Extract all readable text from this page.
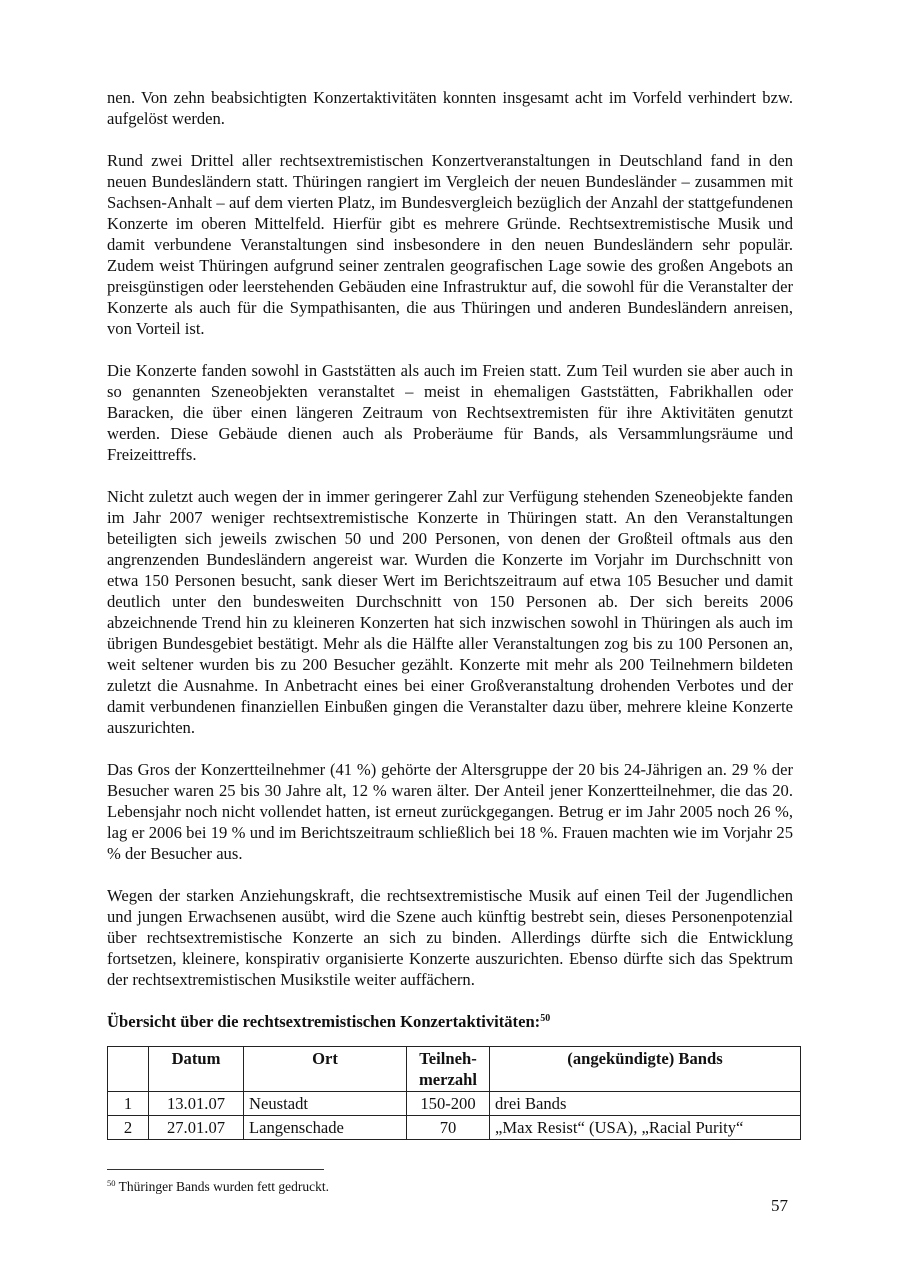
nen. Von zehn beabsichtigten Konzertaktivitäten konnten insgesamt acht im Vorfeld verhindert bzw. aufgelöst werden.

Rund zwei Drittel aller rechtsextremistischen Konzertveranstaltungen in Deutschland fand in den neuen Bundesländern statt. Thüringen rangiert im Vergleich der neuen Bundesländer – zusammen mit Sachsen-Anhalt – auf dem vierten Platz, im Bundesvergleich bezüglich der Anzahl der stattgefundenen Konzerte im oberen Mittelfeld. Hierfür gibt es mehrere Gründe. Rechtsextremistische Musik und damit verbundene Veranstaltungen sind insbesondere in den neuen Bundesländern sehr populär. Zudem weist Thüringen aufgrund seiner zentralen geografischen Lage sowie des großen Angebots an preisgünstigen oder leerstehenden Gebäuden eine Infrastruktur auf, die sowohl für die Veranstalter der Konzerte als auch für die Sympathisanten, die aus Thüringen und anderen Bundesländern anreisen, von Vorteil ist.

Die Konzerte fanden sowohl in Gaststätten als auch im Freien statt. Zum Teil wurden sie aber auch in so genannten Szeneobjekten veranstaltet – meist in ehemaligen Gaststätten, Fabrikhallen oder Baracken, die über einen längeren Zeitraum von Rechtsextremisten für ihre Aktivitäten genutzt werden. Diese Gebäude dienen auch als Proberäume für Bands, als Versammlungsräume und Freizeittreffs.

Nicht zuletzt auch wegen der in immer geringerer Zahl zur Verfügung stehenden Szeneobjekte fanden im Jahr 2007 weniger rechtsextremistische Konzerte in Thüringen statt. An den Veranstaltungen beteiligten sich jeweils zwischen 50 und 200 Personen, von denen der Großteil oftmals aus den angrenzenden Bundesländern angereist war. Wurden die Konzerte im Vorjahr im Durchschnitt von etwa 150 Personen besucht, sank dieser Wert im Berichtszeitraum auf etwa 105 Besucher und damit deutlich unter den bundesweiten Durchschnitt von 150 Personen ab. Der sich bereits 2006 abzeichnende Trend hin zu kleineren Konzerten hat sich inzwischen sowohl in Thüringen als auch im übrigen Bundesgebiet bestätigt. Mehr als die Hälfte aller Veranstaltungen zog bis zu 100 Personen an, weit seltener wurden bis zu 200 Besucher gezählt. Konzerte mit mehr als 200 Teilnehmern bildeten zuletzt die Ausnahme. In Anbetracht eines bei einer Großveranstaltung drohenden Verbotes und der damit verbundenen finanziellen Einbußen gingen die Veranstalter dazu über, mehrere kleine Konzerte auszurichten.

Das Gros der Konzertteilnehmer (41 %) gehörte der Altersgruppe der 20 bis 24-Jährigen an. 29 % der Besucher waren 25 bis 30 Jahre alt, 12 % waren älter. Der Anteil jener Konzertteilnehmer, die das 20. Lebensjahr noch nicht vollendet hatten, ist erneut zurückgegangen. Betrug er im Jahr 2005 noch 26 %, lag er 2006 bei 19 % und im Berichtszeitraum schließlich bei 18 %. Frauen machten wie im Vorjahr 25 % der Besucher aus.

Wegen der starken Anziehungskraft, die rechtsextremistische Musik auf einen Teil der Jugendlichen und jungen Erwachsenen ausübt, wird die Szene auch künftig bestrebt sein, dieses Personenpotenzial über rechtsextremistische Konzerte an sich zu binden. Allerdings dürfte sich die Entwicklung fortsetzen, kleinere, konspirativ organisierte Konzerte auszurichten. Ebenso dürfte sich das Spektrum der rechtsextremistischen Musikstile weiter auffächern.

Übersicht über die rechtsextremistischen Konzertaktivitäten:$^{50}$
	Datum	Ort	Teilneh-
merzahl	(angekündigte) Bands
1	13.01.07	Neustadt	150-200	drei Bands
2	27.01.07	Langenschade	70	„Max Resist“ (USA), „Racial Purity“
$^{50}$ Thüringer Bands wurden fett gedruckt.
57
